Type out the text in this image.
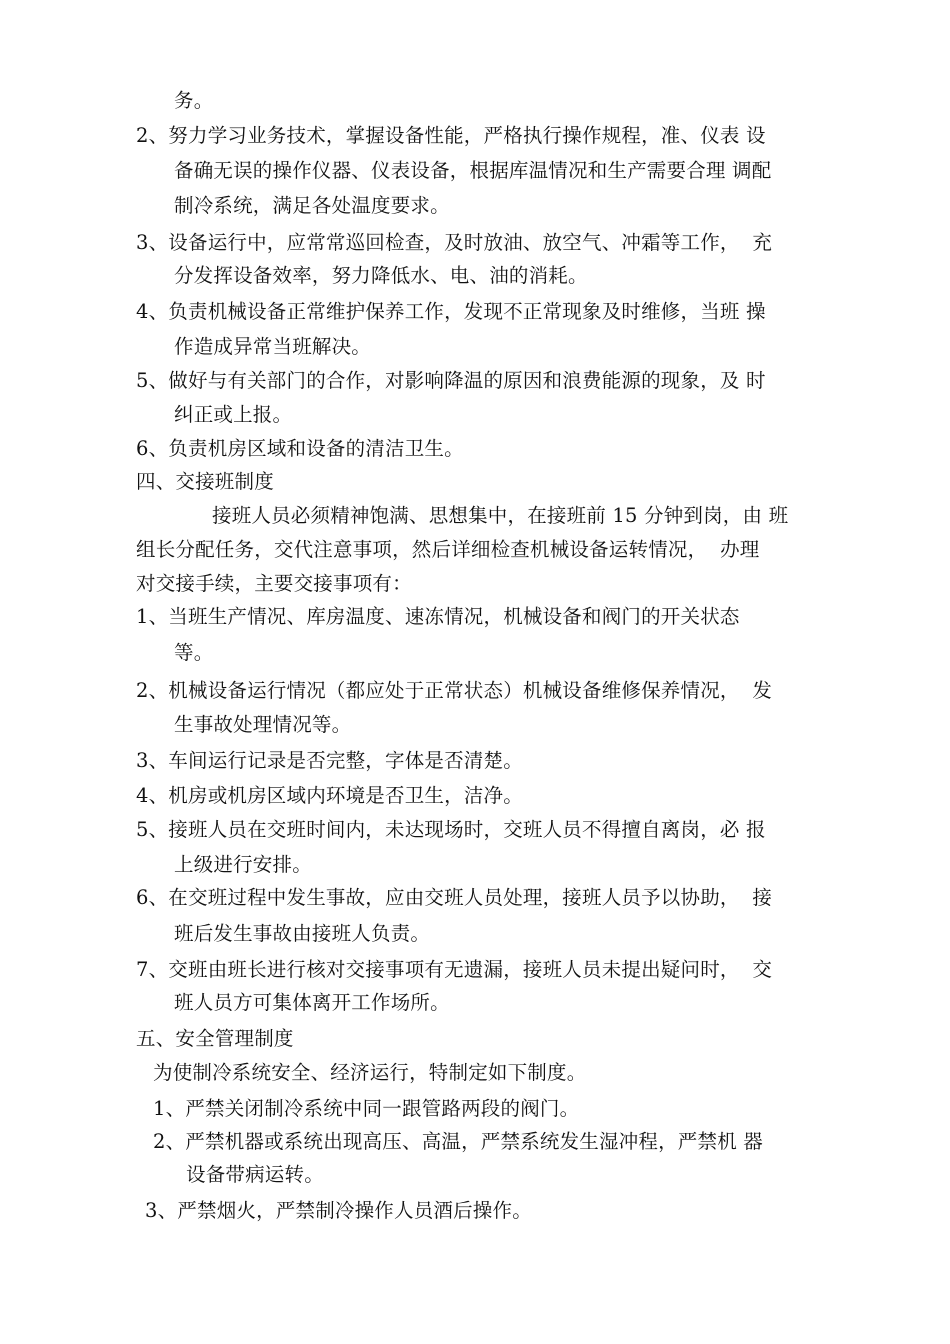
务。
2、努力学习业务技术，掌握设备性能，严格执行操作规程，准、仪表 设
备确无误的操作仪器、仪表设备，根据库温情况和生产需要合理 调配
制冷系统，满足各处温度要求。
3、设备运行中，应常常巡回检查，及时放油、放空气、冲霜等工作，  充
分发挥设备效率，努力降低水、电、油的消耗。
4、负责机械设备正常维护保养工作，发现不正常现象及时维修，当班 操
作造成异常当班解决。
5、做好与有关部门的合作，对影响降温的原因和浪费能源的现象，及 时
纠正或上报。
6、负责机房区域和设备的清洁卫生。
四、交接班制度
接班人员必须精神饱满、思想集中，在接班前 15 分钟到岗，由 班
组长分配任务，交代注意事项，然后详细检查机械设备运转情况，  办理
对交接手续，主要交接事项有：
1、当班生产情况、库房温度、速冻情况，机械设备和阀门的开关状态
等。
2、机械设备运行情况（都应处于正常状态）机械设备维修保养情况，  发
生事故处理情况等。
3、车间运行记录是否完整，字体是否清楚。
4、机房或机房区域内环境是否卫生，洁净。
5、接班人员在交班时间内，未达现场时，交班人员不得擅自离岗，必 报
上级进行安排。
6、在交班过程中发生事故，应由交班人员处理，接班人员予以协助，  接
班后发生事故由接班人负责。
7、交班由班长进行核对交接事项有无遗漏，接班人员未提出疑问时，  交
班人员方可集体离开工作场所。
五、安全管理制度
为使制冷系统安全、经济运行，特制定如下制度。
1、严禁关闭制冷系统中同一跟管路两段的阀门。
2、严禁机器或系统出现高压、高温，严禁系统发生湿冲程，严禁机 器
设备带病运转。
3、严禁烟火，严禁制冷操作人员酒后操作。
